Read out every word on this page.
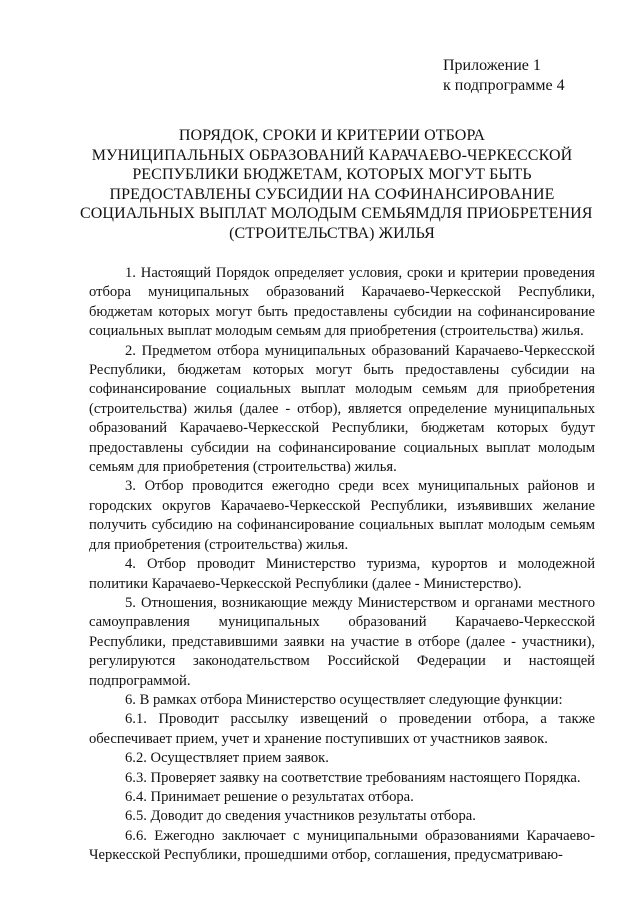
Приложение 1
к подпрограмме 4
ПОРЯДОК, СРОКИ И КРИТЕРИИ ОТБОРА
МУНИЦИПАЛЬНЫХ ОБРАЗОВАНИЙ КАРАЧАЕВО-ЧЕРКЕССКОЙ
РЕСПУБЛИКИ БЮДЖЕТАМ, КОТОРЫХ МОГУТ БЫТЬ
ПРЕДОСТАВЛЕНЫ СУБСИДИИ НА СОФИНАНСИРОВАНИЕ
СОЦИАЛЬНЫХ ВЫПЛАТ МОЛОДЫМ СЕМЬЯМДЛЯ ПРИОБРЕТЕНИЯ
(СТРОИТЕЛЬСТВА) ЖИЛЬЯ

1. Настоящий Порядок определяет условия, сроки и критерии проведения отбора муниципальных образований Карачаево-Черкесской Республики, бюджетам которых могут быть предоставлены субсидии на софинансирование социальных выплат молодым семьям для приобретения (строительства) жилья.

2. Предметом отбора муниципальных образований Карачаево-Черкесской Республики, бюджетам которых могут быть предоставлены субсидии на софинансирование социальных выплат молодым семьям для приобретения (строительства) жилья (далее - отбор), является определение муниципальных образований Карачаево-Черкесской Республики, бюджетам которых будут предоставлены субсидии на софинансирование социальных выплат молодым семьям для приобретения (строительства) жилья.

3. Отбор проводится ежегодно среди всех муниципальных районов и городских округов Карачаево-Черкесской Республики, изъявивших желание получить субсидию на софинансирование социальных выплат молодым семьям для приобретения (строительства) жилья.

4. Отбор проводит Министерство туризма, курортов и молодежной политики Карачаево-Черкесской Республики (далее - Министерство).

5. Отношения, возникающие между Министерством и органами местного самоуправления муниципальных образований Карачаево-Черкесской Республики, представившими заявки на участие в отборе (далее - участники), регулируются законодательством Российской Федерации и настоящей подпрограммой.

6. В рамках отбора Министерство осуществляет следующие функции:

6.1. Проводит рассылку извещений о проведении отбора, а также обеспечивает прием, учет и хранение поступивших от участников заявок.

6.2. Осуществляет прием заявок.

6.3. Проверяет заявку на соответствие требованиям настоящего Порядка.

6.4. Принимает решение о результатах отбора.

6.5. Доводит до сведения участников результаты отбора.

6.6. Ежегодно заключает с муниципальными образованиями Карачаево-Черкесской Республики, прошедшими отбор, соглашения, предусматриваю-
